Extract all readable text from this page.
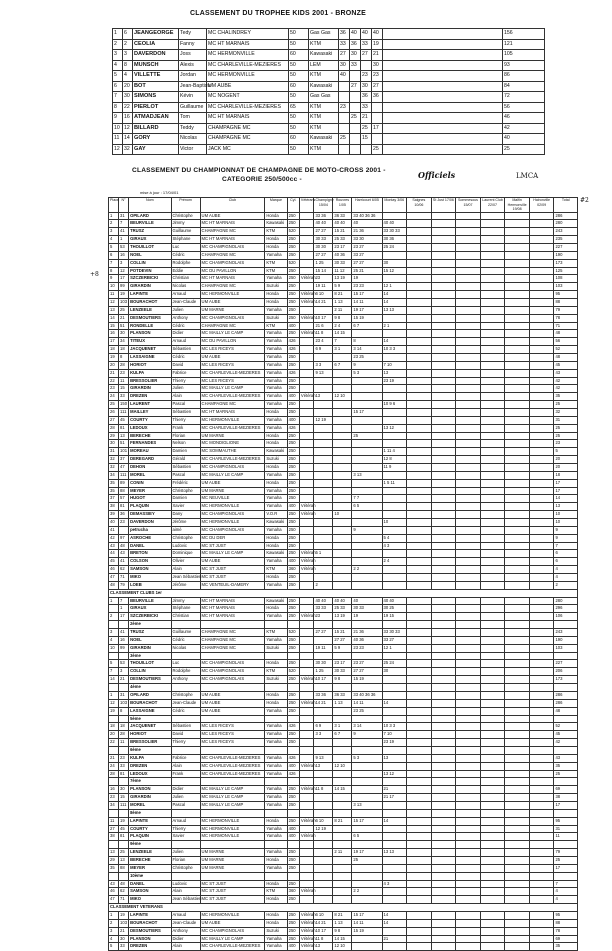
CLASSEMENT DU TROPHEE KIDS 2001 - BRONZE
1	6	JEANGEORGE	Tedy	MC CHALINDREY	50	Gas Gas	36	40	40	40		156
2	2	CEOLIA	Fanny	MC HT MARNAIS	50	KTM	33	36	33	19		121
3	3	DAVERDON	Joss	MC HERMONVILLE	60	Kawasaki	27	30	27	21		105
4	8	MUNSCH	Alexis	MC CHARLEVILLE-MEZIERES	50	LEM	30	33		30		93
5	4	VILLETTE	Jordan	MC HERMONVILLE	50	KTM	40		23	23		86
6	20	BOT	Jean-Baptiste	UM AUBE	60	Kawasaki		27	30	27		84
7	30	SIMONS	Kévin	MC NOGENT	50	Gas Gas			36	36		72
8	22	PIERLOT	Guillaume	MC CHARLEVILLE-MEZIERES	65	KTM	23		33			56
9	16	ATMADJEAN	Tom	MC HT MARNAIS	50	KTM		25	21			46
10	12	BILLARD	Teddy	CHAMPAGNE MC	50	KTM			25	17		42
11	14	GORY	Nicolas	CHAMPAGNE MC	60	Kawasaki	25		15			40
12	32	GAY	Victor	JACK MC	50	KTM				25		25
CLASSEMENT DU CHAMPIONNAT DE CHAMPAGNE DE MOTO-CROSS 2001 -
CATEGORIE 250/500cc -	Officiels	LMCA
mise à jour : 17/04/01
+8
#2
Place	N°	Nom	Prénom	Club	Marque	Cyl.	Vétérans	Champigny 15/04	Rouvres 1/05	Harricourt 6/05	Montay 3/06	Saignes 10/06	St Just 17/06	Sommesous 15/07	Laurent Club 22/07	Malfin Hermonville 19/08	Haironville 02/09	Total
1	31	OPILARD	Christophe	UM AUBE	Honda	250		33 36	36 33	33 40 36 36								286
2	7	BEURVILLE	Jimmy	MC HT MARNAIS	Kawasaki	250		40 40	40 40	40	40 40							280
3	41	TRUSZ	Guillaume	CHAMPAGNE MC	KTM	520		27 27	15 21	21 36	33 30 33							243
4	1	GIRAUX	Stéphane	MC HT MARNAIS	Honda	250		30 33	25 33	33 30	30 36							235
5	53	THOUILLOT	Luc	MC CHAMPIGNOLAIS	Honda	250		30 30	23 17	23 27	25 24							227
6	16	NOEL	Cédric	CHAMPAGNE MC	Yamaha	250		27 27	40 36	33 27								190
7	3	COLLIN	Rodolphe	MC CHAMPIGNOLAIS	KTM	520		1 25	30 33	27 27	30							173
8	12	POTDEVIN	Eddie	MC DU PAVILLON	KTM	250		15 14	11 12	25 21	15 12							125
9	17	SZCZERBICKI	Christian	MC HT MARNAIS	Yamaha	250	Vétéran	23	13 19	19								108
10	99	GIRARDIN	Nicolas	CHAMPAGNE MC	Suzuki	250		19 11	5 9	23 23	12 1							103
11	19	LAPINTE	Arnaud	MC HERMONVILLE	Honda	250	Vétéran	6 10	8 21	15 17	14							95
12	103	BOURACHOT	Jean-Claude	UM AUBE	Honda	250	Vétéran	14 21	1 13	14 11	14							88
13	25	LENZEELE	Julien	UM MARNE	Yamaha	250			2 11	19 17	13 13							79
14	21	DESMOUTIERS	Anthony	MC CHAMPIGNOLAIS	Suzuki	250	Vétéran	10 17	9 8	15 19								78
15	51	RONDELLE	Cédric	CHAMPAGNE MC	KTM	400		21 6	2 4	6 7	2 1							71
16	30	PLANSON	Didier	MC MAILLY LE CAMP	Yamaha	250	Vétéran	11 8	14 15									48
17	34	TITEUX	Arnaud	MC DU PAVILLON	Yamaha	426		23 4	7	8	14							56
18	18	JACQUENET	Sébastien	MC LES RICEYS	Yamaha	426		6 9	3 1	3 14	10 3 3							52
19	8	LASSAIGNE	Cédric	UM AUBE	Yamaha	250				23 25								48
20	28	HORIOT	David	MC LES RICEYS	Yamaha	250		3 3	6 7	9	7 10							45
21	23	KULPA	Fabrice	MC CHARLEVILLE-MEZIERES	Yamaha	426		9 13		5 3	13							43
22	11	BRESSOLIER	Thierry	MC LES RICEYS	Yamaha	250					23 19							42
23	15	GIRARDIN	Julien	MC MAILLY LE CAMP	Yamaha	250												42
24	33	DREZEN	Alain	MC CHARLEVILLE-MEZIERES	Yamaha	400	Vétéran	13	12 10									35
25	150	LAURENT	Pascal	CHAMPAGNE MC	Yamaha	250					10 9 6							25
26	111	MAILLEY	Sébastien	MC HT MARNAIS	Honda	250				15 17								32
27	45	COURTY	Thierry	MC HERMONVILLE	Yamaha	400		12 19										31
28	81	LEDOUX	Frank	MC CHARLEVILLE-MEZIERES	Yamaha	426					13 12							25
29	13	BERECHE	Florian	UM MARNE	Honda	250				25								25
30	51	FERNANDES	Nelson	MC MONDIGLIONE	Honda	250												23
31	101	MOREAU	Damien	MC SOMMAUTHE	Kawasaki	250					1 11 4							5
32	37	DEREGARD	Gérald	MC CHARLEVILLE-MEZIERES	Suzuki	250					12 8							20
32	47	DEHON	Sébastien	MC CHAMPIGNOLAIS	Honda	250					11 9							20
34	111	MOREL	Pascal	MC MAILLY LE CAMP	Yamaha	250				3 13								18
35	89	CONIN	Frédéric	UM AUBE	Honda	250					1 5 11							17
35	88	MEYER	Christophe	UM MARNE	Yamaha	250												17
37	57	HUGOT	Damien	MC NEUVILLE	Yamaha	250				7 7								14
38	81	PLAQUIN	Xavier	MC HERMONVILLE	Yamaha	400	Vétéran			6 5								13
39	36	DEMASSIEY	Dany	MC CHAMPIGNOLAIS	V.O.R	250	Vétéran		10									10
40	23	DAVERDON	Jérôme	MC HERMONVILLE	Kawasaki	250					10							10
41		petrucha	aimé	MC CHAMPIGNOLAIS	Yamaha	250				9								9
42	97	ASROCHE	Christophe	MC DU DER	Honda	250					5 4							9
43	48	DANEL	Ludovic	MC ST JUST	Honda	250					4 3							7
44	43	BRETON	Dominique	MC MAILLY LE CAMP	Kawasaki	250	Vétéran	5 1										6
45	41	COLSON	Olivier	UM AUBE	Yamaha	400	Vétéran				2 4							6
46	62	SAMSON	Alain	MC ST JUST	KTM	360	Vétéran			2 2								4
47	71	MIKO	Jean Sébastien	MC ST JUST	Honda	250												4
48	79	LOEB	Jérôme	MC VENTEUIL-DAMERY	Yamaha	250		2										2
CLASSEMENT CLUBS 1er																		
1	7	BEURVILLE	Jimmy	MC HT MARNAIS	Kawasaki	250		40 40	40 40	40	40 40							280
	1	GIRAUX	Stéphane	MC HT MARNAIS	Honda	250		33 33	25 33	30 33	30 25							296
2	17	SZCZERBICKI	Christian	MC HT MARNAIS	Yamaha	250	Vétéran	23	13 19	19	19 15							106
		2ème																
3	41	TRUSZ	Guillaume	CHAMPAGNE MC	KTM	520		27 27	15 21	21 36	33 30 33							243
4	16	NOEL	Cédric	CHAMPAGNE MC	Yamaha	250			27 27	40 36	33 27							190
10	99	GIRARDIN	Nicolas	CHAMPAGNE MC	Suzuki	250		19 11	5 9	23 23	12 1							103
		3ème																
5	53	THOUILLOT	Luc	MC CHAMPIGNOLAIS	Honda	250		30 30	23 17	23 27	25 24							227
7	3	COLLIN	Rodolphe	MC CHAMPIGNOLAIS	KTM	520		1 25	30 33	27 27	30							206
14	21	DESMOUTIERS	Anthony	MC CHAMPIGNOLAIS	Suzuki	250	Vétéran	10 17	9 8	15 19								173
		4ème																
1	31	OPILARD	Christophe	UM AUBE	Honda	250		33 36	36 33	33 40 36 36								286
12	103	BOURACHOT	Jean-Claude	UM AUBE	Honda	250	Vétéran	14 21	1 13	14 11	14							286
19	8	LASSAIGNE	Cédric	UM AUBE	Yamaha	250				23 25								48
		5ème																
18	18	JACQUENET	Sébastien	MC LES RICEYS	Yamaha	426		6 9	3 1	3 14	10 3 3							52
20	28	HORIOT	David	MC LES RICEYS	Yamaha	250		3 3	6 7	9	7 10							45
22	11	BRESSOLIER	Thierry	MC LES RICEYS	Yamaha	250					23 19							42
		6ème																
21	23	KULPA	Fabrice	MC CHARLEVILLE-MEZIERES	Yamaha	426		9 13		5 3	13							43
24	33	DREZEN	Alain	MC CHARLEVILLE-MEZIERES	Yamaha	400	Vétéran	13	12 10									35
28	81	LEDOUX	Frank	MC CHARLEVILLE-MEZIERES	Yamaha	426					13 12							25
		7ème																
16	30	PLANSON	Didier	MC MAILLY LE CAMP	Yamaha	250	Vétéran	11 8	14 15		21							69
23	15	GIRARDIN	Julien	MC MAILLY LE CAMP	Yamaha	250					21 17							38
34	111	MOREL	Pascal	MC MAILLY LE CAMP	Yamaha	250				3 13								17
		8ème																
11	19	LAPINTE	Arnaud	MC HERMONVILLE	Honda	250	Vétéran	6 10	8 21	15 17	14							95
27	45	COURTY	Thierry	MC HERMONVILLE	Yamaha	400		12 19										31
38	81	PLAQUIN	Xavier	MC HERMONVILLE	Yamaha	400	Vétéran			6 5								11
		9ème																
13	25	LENZEELE	Julien	UM MARNE	Yamaha	250			2 11	19 17	13 13							79
29	13	BERECHE	Florian	UM MARNE	Honda	250				25								25
35	88	MEYER	Christophe	UM MARNE	Yamaha	250												17
		10ème																
43	48	DANEL	Ludovic	MC ST JUST	Honda	250					4 3							7
46	62	SAMSON	Alain	MC ST JUST	KTM	360	Vétéran			2 2								4
47	71	MIKO	Jean Sébastien	MC ST JUST	Honda	250												4
CLASSEMENT VETERANS																		
1	19	LAPINTE	Arnaud	MC HERMONVILLE	Honda	250	Vétéran	6 10	8 21	15 17	14							95
2	103	BOURACHOT	Jean-Claude	UM AUBE	Honda	250	Vétéran	14 21	1 13	14 11	14							88
3	21	DESMOUTIERS	Anthony	MC CHAMPIGNOLAIS	Suzuki	250	Vétéran	10 17	9 8	15 19								78
4	30	PLANSON	Didier	MC MAILLY LE CAMP	Yamaha	250	Vétéran	11 8	14 15		21							69
5	33	DREZEN	Alain	MC CHARLEVILLE-MEZIERES	Yamaha	400	Vétéran	13	12 10									35
